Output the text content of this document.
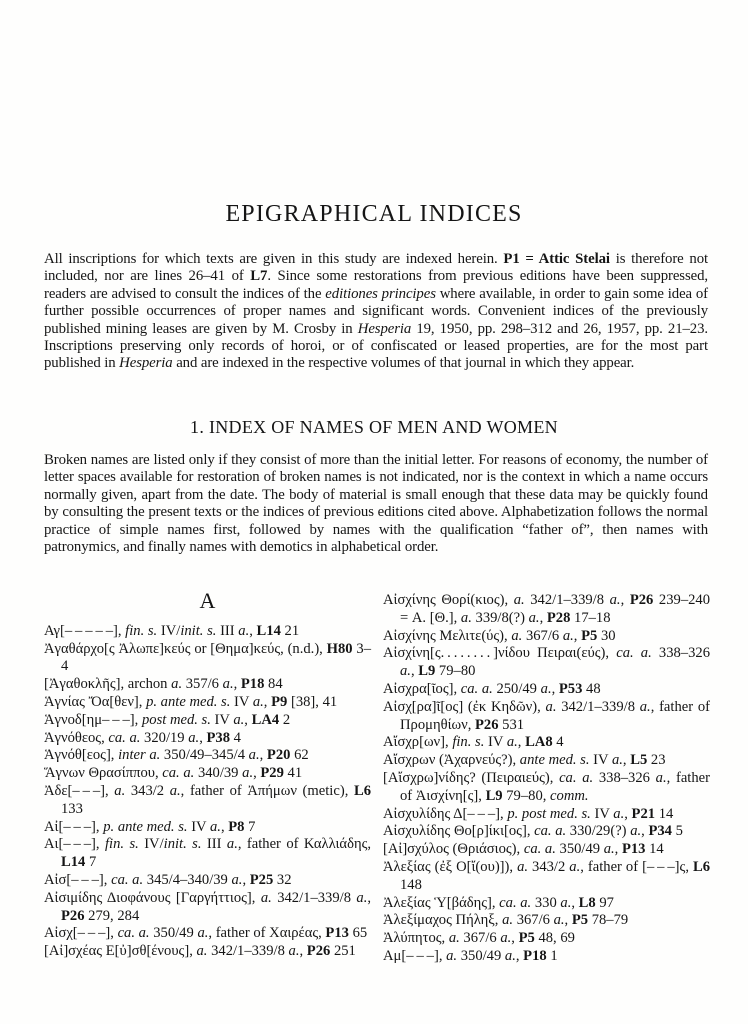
EPIGRAPHICAL INDICES
All inscriptions for which texts are given in this study are indexed herein. P1 = Attic Stelai is therefore not included, nor are lines 26–41 of L7. Since some restorations from previous editions have been suppressed, readers are advised to consult the indices of the editiones principes where available, in order to gain some idea of further possible occurrences of proper names and significant words. Convenient indices of the previously published mining leases are given by M. Crosby in Hesperia 19, 1950, pp. 298–312 and 26, 1957, pp. 21–23. Inscriptions preserving only records of horoi, or of confiscated or leased properties, are for the most part published in Hesperia and are indexed in the respective volumes of that journal in which they appear.
1. INDEX OF NAMES OF MEN AND WOMEN
Broken names are listed only if they consist of more than the initial letter. For reasons of economy, the number of letter spaces available for restoration of broken names is not indicated, nor is the context in which a name occurs normally given, apart from the date. The body of material is small enough that these data may be quickly found by consulting the present texts or the indices of previous editions cited above. Alphabetization follows the normal practice of simple names first, followed by names with the qualification “father of”, then names with patronymics, and finally names with demotics in alphabetical order.
A
Αγ[– – – – –], fin. s. IV/init. s. III a., L14 21
Ἀγαθάρχο[ς Ἀλωπε]κεύς or [Θημα]κεύς, (n.d.), H80 3–4
[Ἀγαθοκλῆς], archon a. 357/6 a., P18 84
Ἁγνίας Ὄα[θεν], p. ante med. s. IV a., P9 [38], 41
Ἁγνοδ[ημ– – –], post med. s. IV a., LA4 2
Ἁγνόθεος, ca. a. 320/19 a., P38 4
Ἁγνόθ[εος], inter a. 350/49–345/4 a., P20 62
Ἅγνων Θρασίππου, ca. a. 340/39 a., P29 41
Ἀδε[– – –], a. 343/2 a., father of Ἀπήμων (metic), L6 133
Αἰ[– – –], p. ante med. s. IV a., P8 7
Αι[– – –], fin. s. IV/init. s. III a., father of Καλλιάδης, L14 7
Αἰσ[– – –], ca. a. 345/4–340/39 a., P25 32
Αἰσιμίδης Διοφάνους [Γαργήττιος], a. 342/1–339/8 a., P26 279, 284
Αἰσχ[– – –], ca. a. 350/49 a., father of Χαιρέας, P13 65
[Αἰ]σχέας Ε[ὐ]σθ[ένους], a. 342/1–339/8 a., P26 251
Αἰσχίνης Θορί(κιος), a. 342/1–339/8 a., P26 239–240 = Α. [Θ.], a. 339/8(?) a., P28 17–18
Αἰσχίνης Μελιτε(ύς), a. 367/6 a., P5 30
Αἰσχίνη[ς. . . . . . . . ]νίδου Πειραι(εύς), ca. a. 338–326 a., L9 79–80
Αἰσχρα[ῖος], ca. a. 250/49 a., P53 48
Αἰσχ[ρα]ῖ[ος] (ἐκ Κηδῶν), a. 342/1–339/8 a., father of Προμηθίων, P26 531
Αἴσχρ[ων], fin. s. IV a., LA8 4
Αἴσχρων (Ἀχαρνεύς?), ante med. s. IV a., L5 23
[Αἴσχρω]νίδης? (Πειραιεύς), ca. a. 338–326 a., father of Ἀισχίνη[ς], L9 79–80, comm.
Αἰσχυλίδης Δ[– – –], p. post med. s. IV a., P21 14
Αἰσχυλίδης Θο[ρ]ίκι[ος], ca. a. 330/29(?) a., P34 5
[Αἰ]σχύλος (Θριάσιος), ca. a. 350/49 a., P13 14
Ἀλεξίας (ἐξ Ο[ἴ(ου)]), a. 343/2 a., father of [– – –]ς, L6 148
Ἀλεξίας Ὑ[βάδης], ca. a. 330 a., L8 97
Ἀλεξίμαχος Πήληξ, a. 367/6 a., P5 78–79
Ἀλύπητος, a. 367/6 a., P5 48, 69
Αμ[– – –], a. 350/49 a., P18 1
